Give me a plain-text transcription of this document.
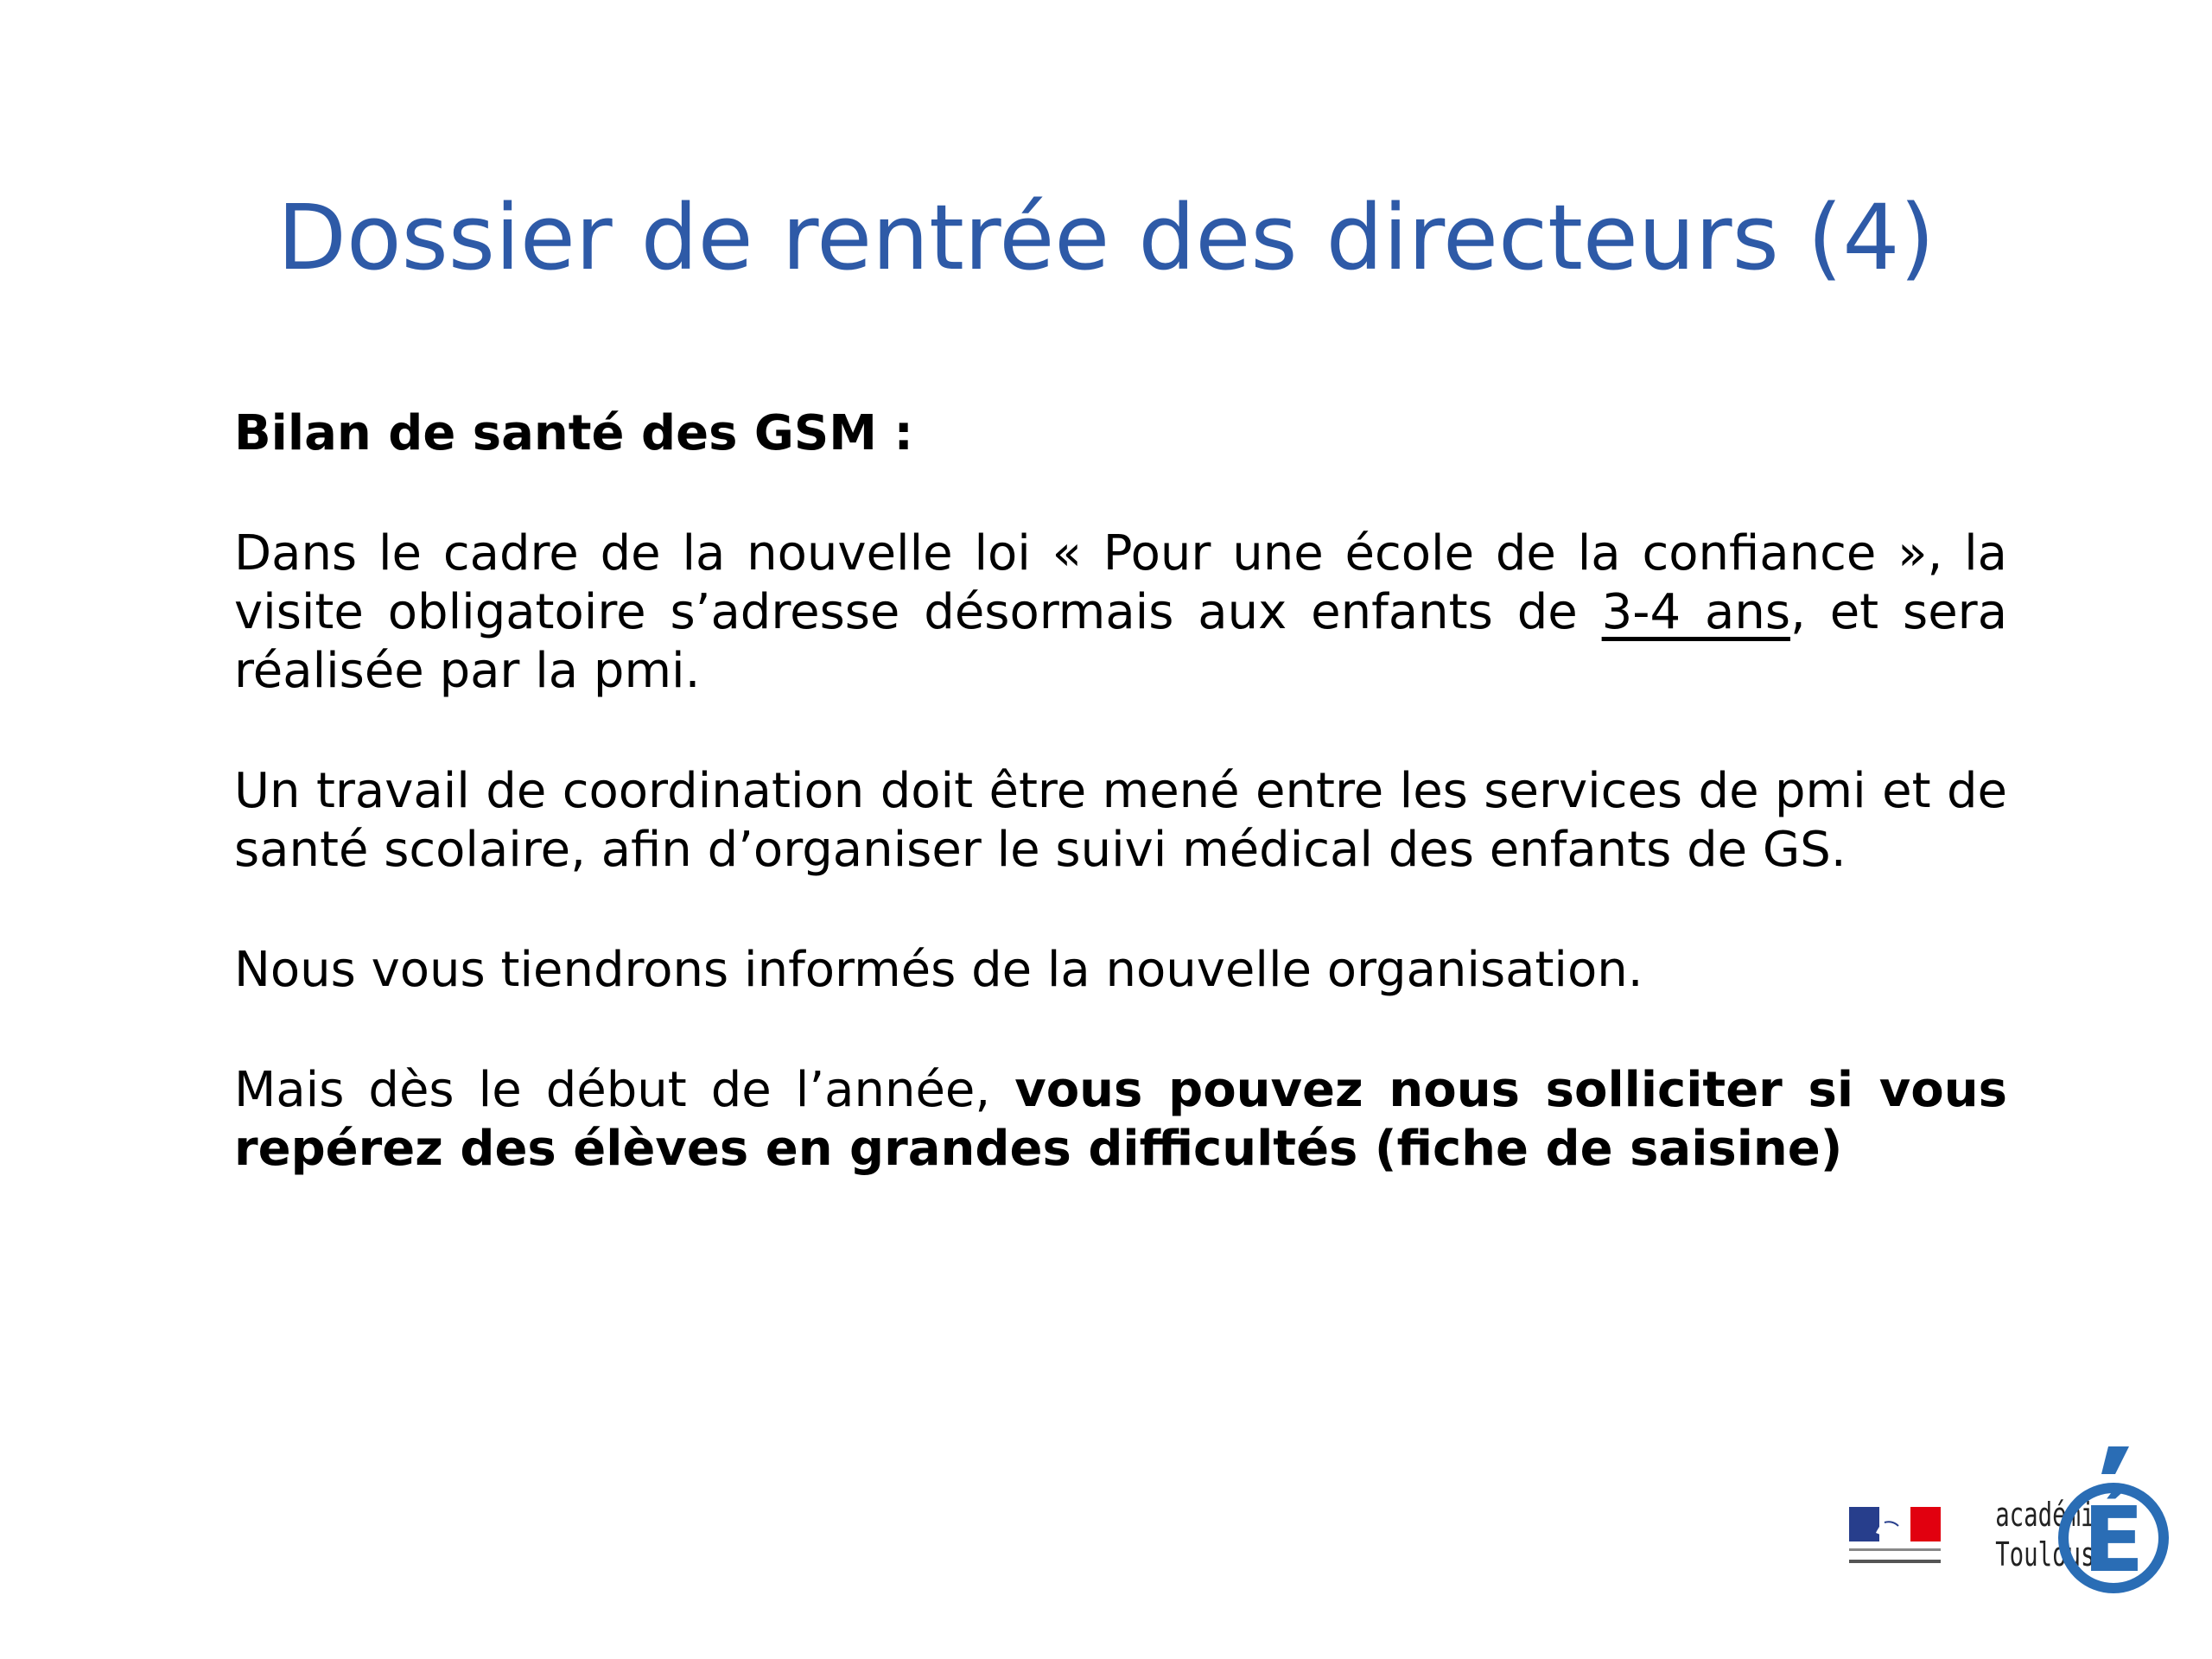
Dossier de rentrée des directeurs (4)

Bilan de santé des GSM :

Dans le cadre de la nouvelle loi « Pour une école de la confiance », la visite obligatoire s’adresse désormais aux enfants de 3-4 ans, et sera réalisée par la pmi.

Un travail de coordination doit être mené entre les services de pmi et de santé scolaire, afin d’organiser le suivi médical des enfants de GS.

Nous vous tiendrons informés de la nouvelle organisation.

Mais dès le début de l’année, vous pouvez nous solliciter si vous repérez des élèves en grandes difficultés (fiche de saisine)

académie
Toulouse
É
